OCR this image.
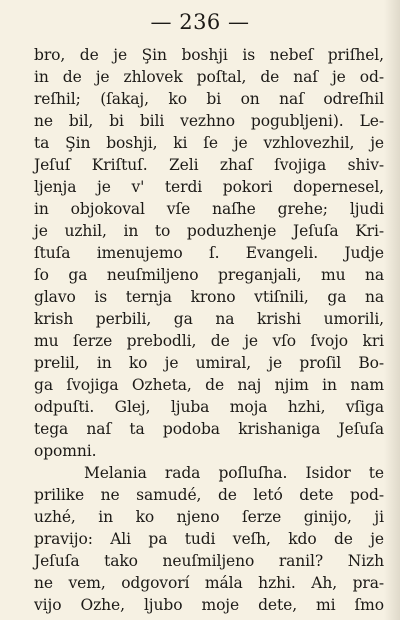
— 236 —
bro, de je Şin boshji is nebeſ priſhel,
in de je zhlovek poſtal, de naſ je od-
reſhil; (ſakaj, ko bi on naſ odreſhil
ne bil, bi bili vezhno pogubljeni). Le-
ta Şin boshji, ki ſe je vzhlovezhil, je
Jeſuſ Kriſtuſ. Zeli zhaſ ſvojiga shiv-
ljenja je v' terdi pokori dopernesel,
in objokoval vſe naſhe grehe; ljudi
je uzhil, in to poduzhenje Jeſuſa Kri-
ſtuſa imenujemo ſ. Evangeli. Judje
ſo ga neuſmiljeno preganjali, mu na
glavo is ternja krono vtiſnili, ga na
krish perbili, ga na krishi umorili,
mu ſerze prebodli, de je vſo ſvojo kri
prelil, in ko je umiral, je proſil Bo-
ga ſvojiga Ozheta, de naj njim in nam
odpuſti. Glej, ljuba moja hzhi, vſiga
tega naſ ta podoba krishaniga Jeſuſa
opomni.
Melania rada poſluſha. Isidor te
prilike ne samudé, de letó dete pod-
uzhé, in ko njeno ſerze ginijo, ji
pravijo: Ali pa tudi veſh, kdo de je
Jeſuſa tako neuſmiljeno ranil? Nizh
ne vem, odgovorí mála hzhi. Ah, pra-
vijo Ozhe, ljubo moje dete, mi ſmo
